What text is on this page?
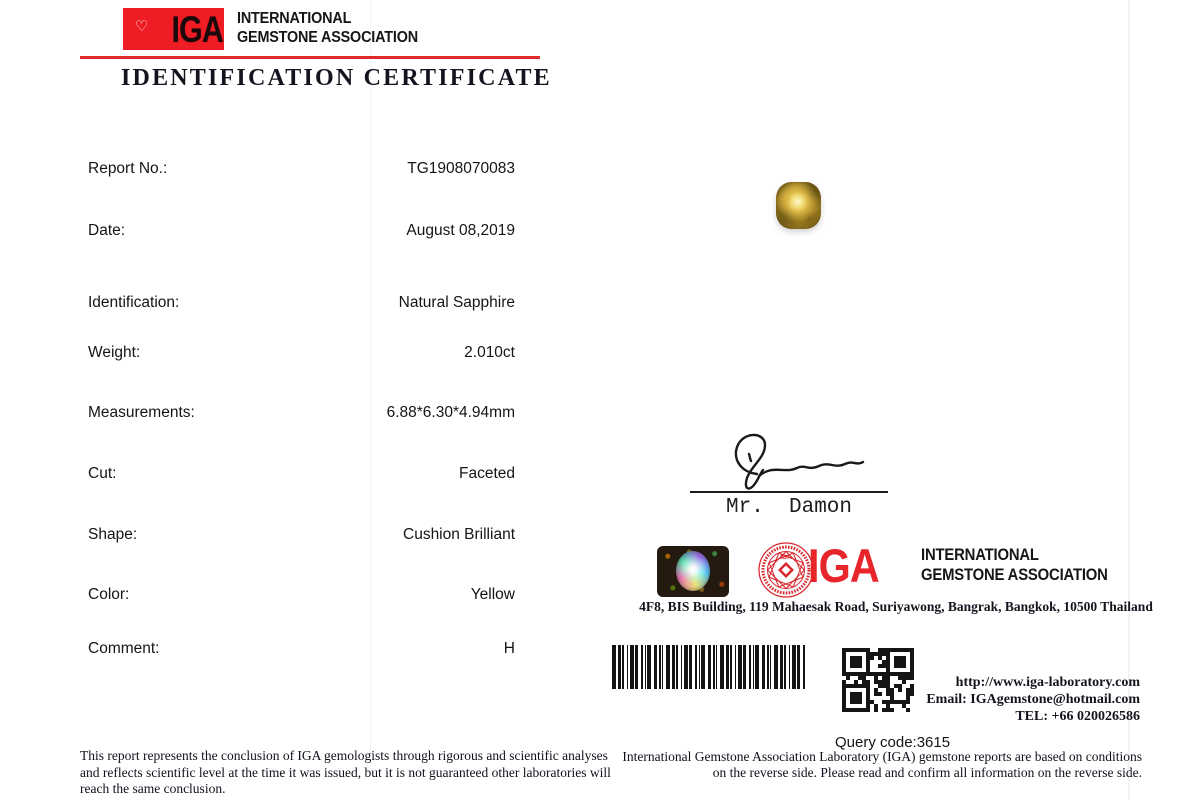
♡ IGA INTERNATIONAL
GEMSTONE ASSOCIATION
IDENTIFICATION CERTIFICATE
Report No.:	TG1908070083
Date:	August 08,2019
Identification:	Natural Sapphire
Weight:	2.010ct
Measurements:	6.88*6.30*4.94mm
Cut:	Faceted
Shape:	Cushion Brilliant
Color:	Yellow
Comment:	H
Mr.  Damon
IGA IGA	INTERNATIONAL
GEMSTONE ASSOCIATION
4F8, BIS Building, 119 Mahaesak Road, Suriyawong, Bangrak, Bangkok, 10500 Thailand
http://www.iga-laboratory.com
Email: IGAgemstone@hotmail.com
TEL: +66 020026586
Query code:3615
This report represents the conclusion of IGA gemologists through rigorous and scientific analyses and reflects scientific level at the time it was issued, but it is not guaranteed other laboratories will reach the same conclusion.
International Gemstone Association Laboratory (IGA) gemstone reports are based on conditions on the reverse side. Please read and confirm all information on the reverse side.
